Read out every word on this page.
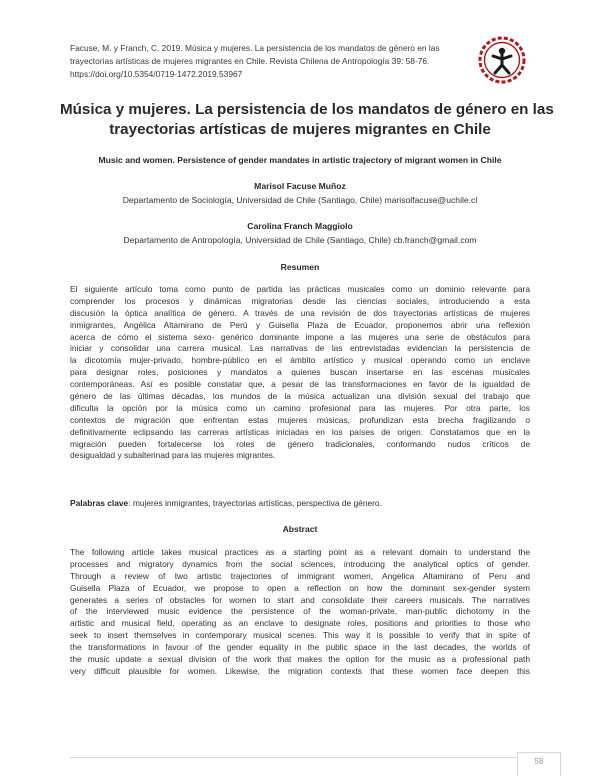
Facuse, M. y Franch, C. 2019. Música y mujeres. La persistencia de los mandatos de género en las
trayectorias artísticas de mujeres migrantes en Chile. Revista Chilena de Antropología 39: 58-76.
https://doi.org/10.5354/0719-1472.2019.53967
Música y mujeres. La persistencia de los mandatos de género en las
trayectorias artísticas de mujeres migrantes en Chile
Music and women. Persistence of gender mandates in artistic trajectory of migrant women in Chile
Marisol Facuse Muñoz
Departamento de Sociología, Universidad de Chile (Santiago, Chile) marisolfacuse@uchile.cl
Carolina Franch Maggiolo
Departamento de Antropología, Universidad de Chile (Santiago, Chile) cb.franch@gmail.com
Resumen
El siguiente artículo toma como punto de partida las prácticas musicales como un dominio relevante para
comprender los procesos y dinámicas migratorias desde las ciencias sociales, introduciendo a esta
discusión la óptica analítica de género. A través de una revisión de dos trayectorias artísticas de mujeres
inmigrantes, Angélica Altamirano de Perú y Guisella Plaza de Ecuador, proponemos abrir una reflexión
acerca de cómo el sistema sexo- genérico dominante impone a las mujeres una serie de obstáculos para
iniciar y consolidar una carrera musical. Las narrativas de las entrevistadas evidencian la persistencia de
la dicotomía mujer-privado, hombre-público en el ámbito artístico y musical operando como un enclave
para designar roles, posiciones y mandatos a quienes buscan insertarse en las escenas musicales
contemporáneas. Así es posible constatar que, a pesar de las transformaciones en favor de la igualdad de
género de las últimas décadas, los mundos de la música actualizan una división sexual del trabajo que
dificulta la opción por la música como un camino profesional para las mujeres. Por otra parte, los
contextos de migración que enfrentan estas mujeres músicas, profundizan esta brecha fragilizando o
definitivamente eclipsando las carreras artísticas iniciadas en los países de origen. Constatamos que en la
migración pueden fortalecerse los roles de género tradicionales, conformando nudos críticos de
desigualdad y subalterinad para las mujeres migrantes.
Palabras clave: mujeres inmigrantes, trayectorias artísticas, perspectiva de género.
Abstract
The following article takes musical practices as a starting point as a relevant domain to understand the
processes and migratory dynamics from the social sciences, introducing the analytical optics of gender.
Through a review of two artistic trajectories of immigrant women, Angelica Altamirano of Peru and
Guisella Plaza of Ecuador, we propose to open a reflection on how the dominant sex-gender system
generates a series of obstacles for women to start and consolidate their careers musicals. The narratives
of the interviewed music evidence the persistence of the woman-private, man-public dichotomy in the
artistic and musical field, operating as an enclave to designate roles, positions and priorities to those who
seek to insert themselves in contemporary musical scenes. This way it is possible to verify that in spite of
the transformations in favour of the gender equality in the public space in the last decades, the worlds of
the music update a sexual division of the work that makes the option for the music as a professional path
very difficult plausible for women. Likewise, the migration contexts that these women face deepen this
58
